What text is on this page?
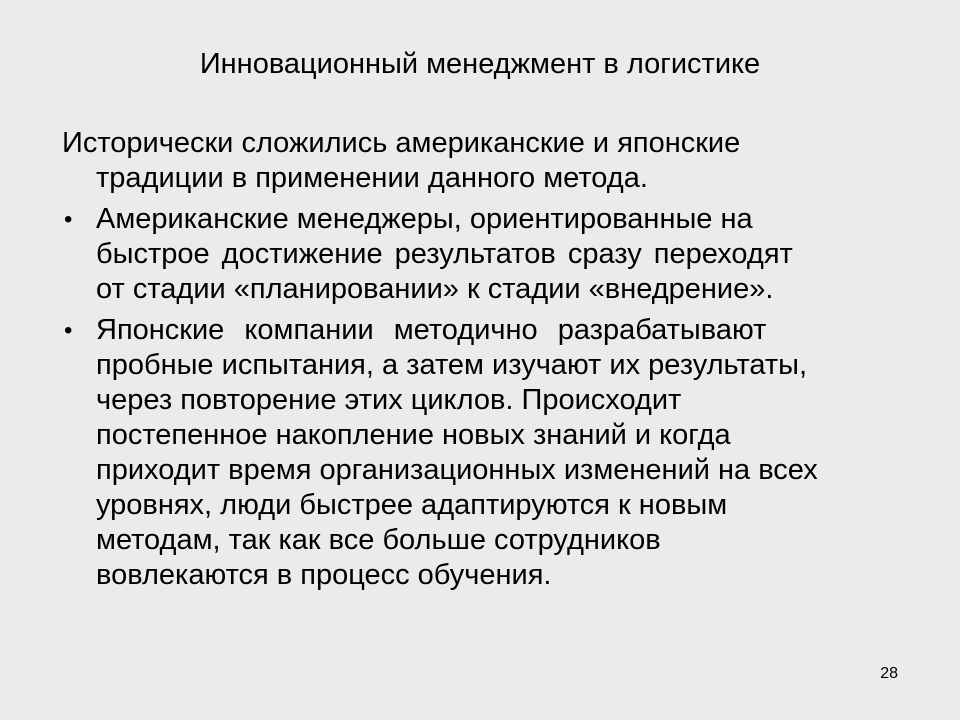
Инновационный менеджмент в логистике
Исторически сложились американские и японские
традиции в применении данного метода.
• Американские менеджеры, ориентированные на
быстрое достижение результатов сразу переходят
от стадии «планировании» к стадии «внедрение».
• Японские компании методично разрабатывают
пробные испытания, а затем изучают их результаты,
через повторение этих циклов. Происходит
постепенное накопление новых знаний и когда
приходит время организационных изменений на всех
уровнях, люди быстрее адаптируются к новым
методам, так как все больше сотрудников
вовлекаются в процесс обучения.
28
